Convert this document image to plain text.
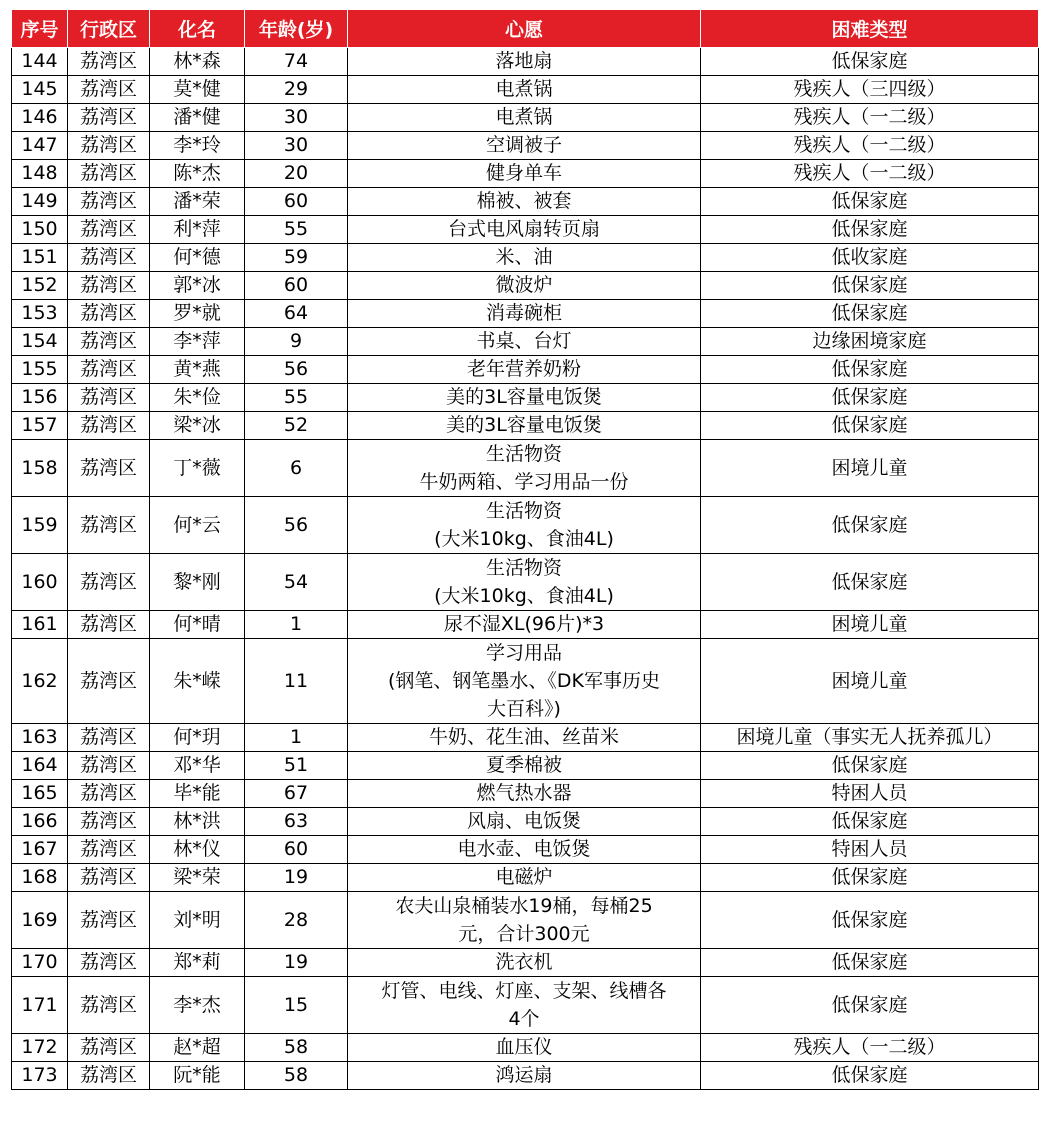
序号	行政区	化名	年龄(岁)	心愿	困难类型
144	荔湾区	林*森	74	落地扇	低保家庭
145	荔湾区	莫*健	29	电煮锅	残疾人（三四级）
146	荔湾区	潘*健	30	电煮锅	残疾人（一二级）
147	荔湾区	李*玲	30	空调被子	残疾人（一二级）
148	荔湾区	陈*杰	20	健身单车	残疾人（一二级）
149	荔湾区	潘*荣	60	棉被、被套	低保家庭
150	荔湾区	利*萍	55	台式电风扇转页扇	低保家庭
151	荔湾区	何*德	59	米、油	低收家庭
152	荔湾区	郭*冰	60	微波炉	低保家庭
153	荔湾区	罗*就	64	消毒碗柜	低保家庭
154	荔湾区	李*萍	9	书桌、台灯	边缘困境家庭
155	荔湾区	黄*燕	56	老年营养奶粉	低保家庭
156	荔湾区	朱*俭	55	美的3L容量电饭煲	低保家庭
157	荔湾区	梁*冰	52	美的3L容量电饭煲	低保家庭
158	荔湾区	丁*薇	6	生活物资
牛奶两箱、学习用品一份	困境儿童
159	荔湾区	何*云	56	生活物资
(大米10kg、食油4L)	低保家庭
160	荔湾区	黎*刚	54	生活物资
(大米10kg、食油4L)	低保家庭
161	荔湾区	何*晴	1	尿不湿XL(96片)*3	困境儿童
162	荔湾区	朱*嵘	11	学习用品
(钢笔、钢笔墨水、《DK军事历史
大百科》)	困境儿童
163	荔湾区	何*玥	1	牛奶、花生油、丝苗米	困境儿童（事实无人抚养孤儿）
164	荔湾区	邓*华	51	夏季棉被	低保家庭
165	荔湾区	毕*能	67	燃气热水器	特困人员
166	荔湾区	林*洪	63	风扇、电饭煲	低保家庭
167	荔湾区	林*仪	60	电水壶、电饭煲	特困人员
168	荔湾区	梁*荣	19	电磁炉	低保家庭
169	荔湾区	刘*明	28	农夫山泉桶装水19桶，每桶25
元，合计300元	低保家庭
170	荔湾区	郑*莉	19	洗衣机	低保家庭
171	荔湾区	李*杰	15	灯管、电线、灯座、支架、线槽各
4个	低保家庭
172	荔湾区	赵*超	58	血压仪	残疾人（一二级）
173	荔湾区	阮*能	58	鸿运扇	低保家庭
